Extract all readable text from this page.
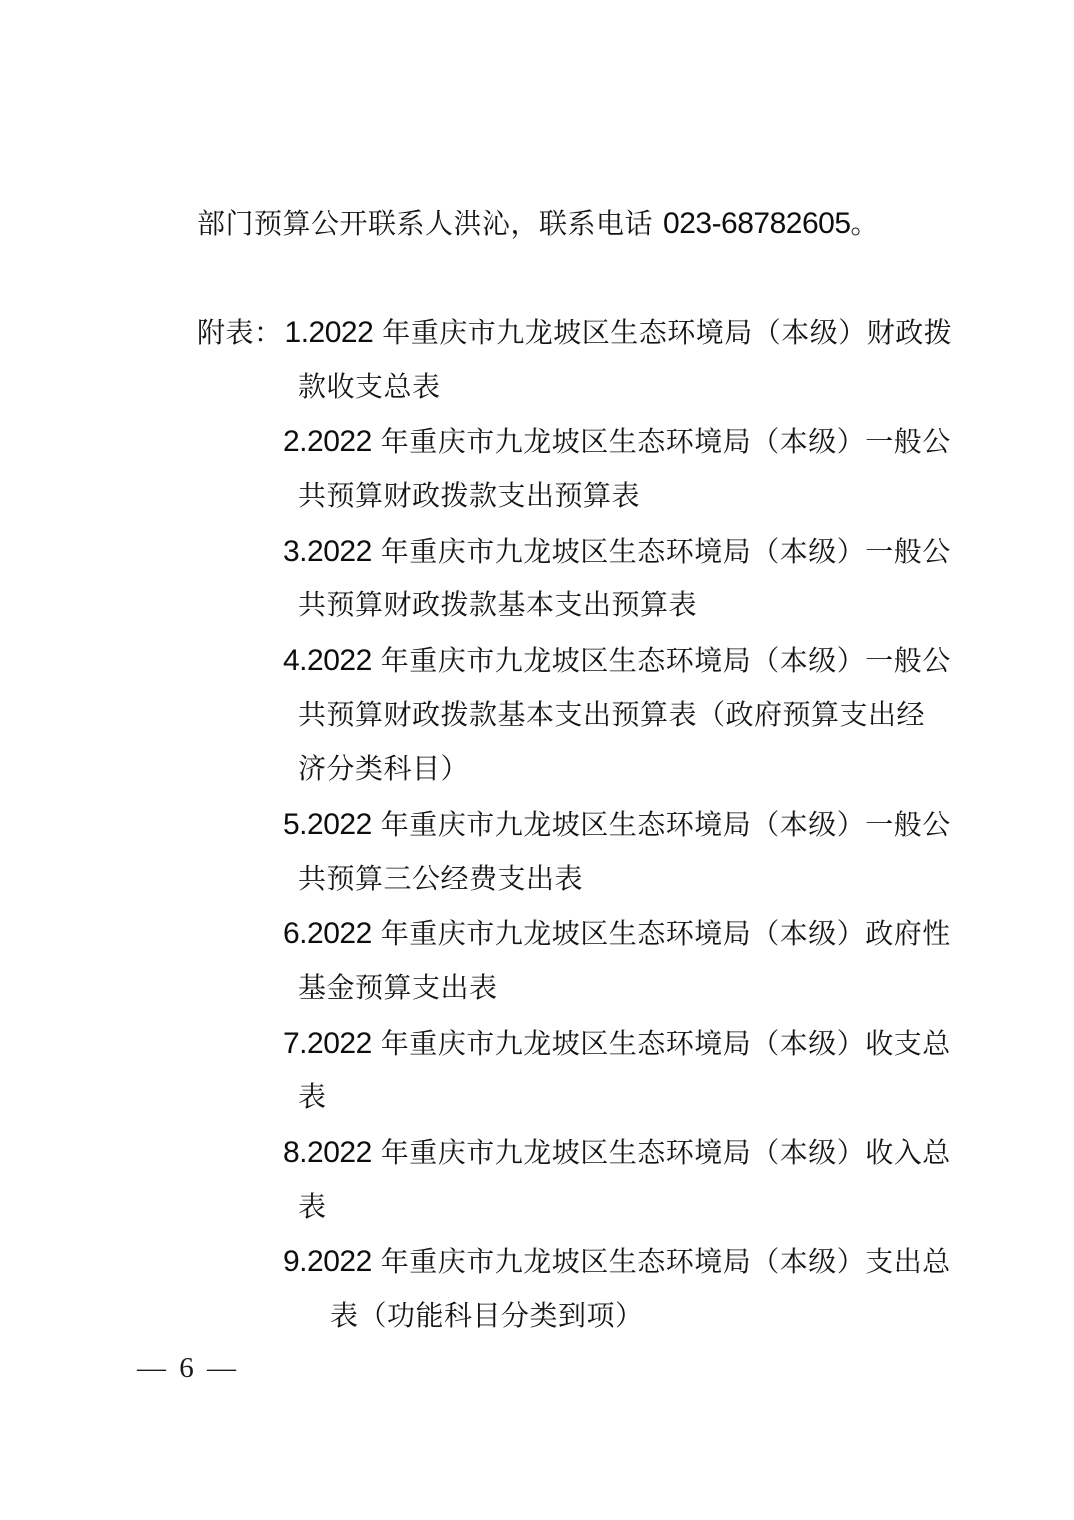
部门预算公开联系人洪沁，联系电话 023-68782605。
附表：1.2022 年重庆市九龙坡区生态环境局（本级）财政拨
款收支总表
2.2022 年重庆市九龙坡区生态环境局（本级）一般公
共预算财政拨款支出预算表
3.2022 年重庆市九龙坡区生态环境局（本级）一般公
共预算财政拨款基本支出预算表
4.2022 年重庆市九龙坡区生态环境局（本级）一般公
共预算财政拨款基本支出预算表（政府预算支出经
济分类科目）
5.2022 年重庆市九龙坡区生态环境局（本级）一般公
共预算三公经费支出表
6.2022 年重庆市九龙坡区生态环境局（本级）政府性
基金预算支出表
7.2022 年重庆市九龙坡区生态环境局（本级）收支总
表
8.2022 年重庆市九龙坡区生态环境局（本级）收入总
表
9.2022 年重庆市九龙坡区生态环境局（本级）支出总
表（功能科目分类到项）
— 6 —
